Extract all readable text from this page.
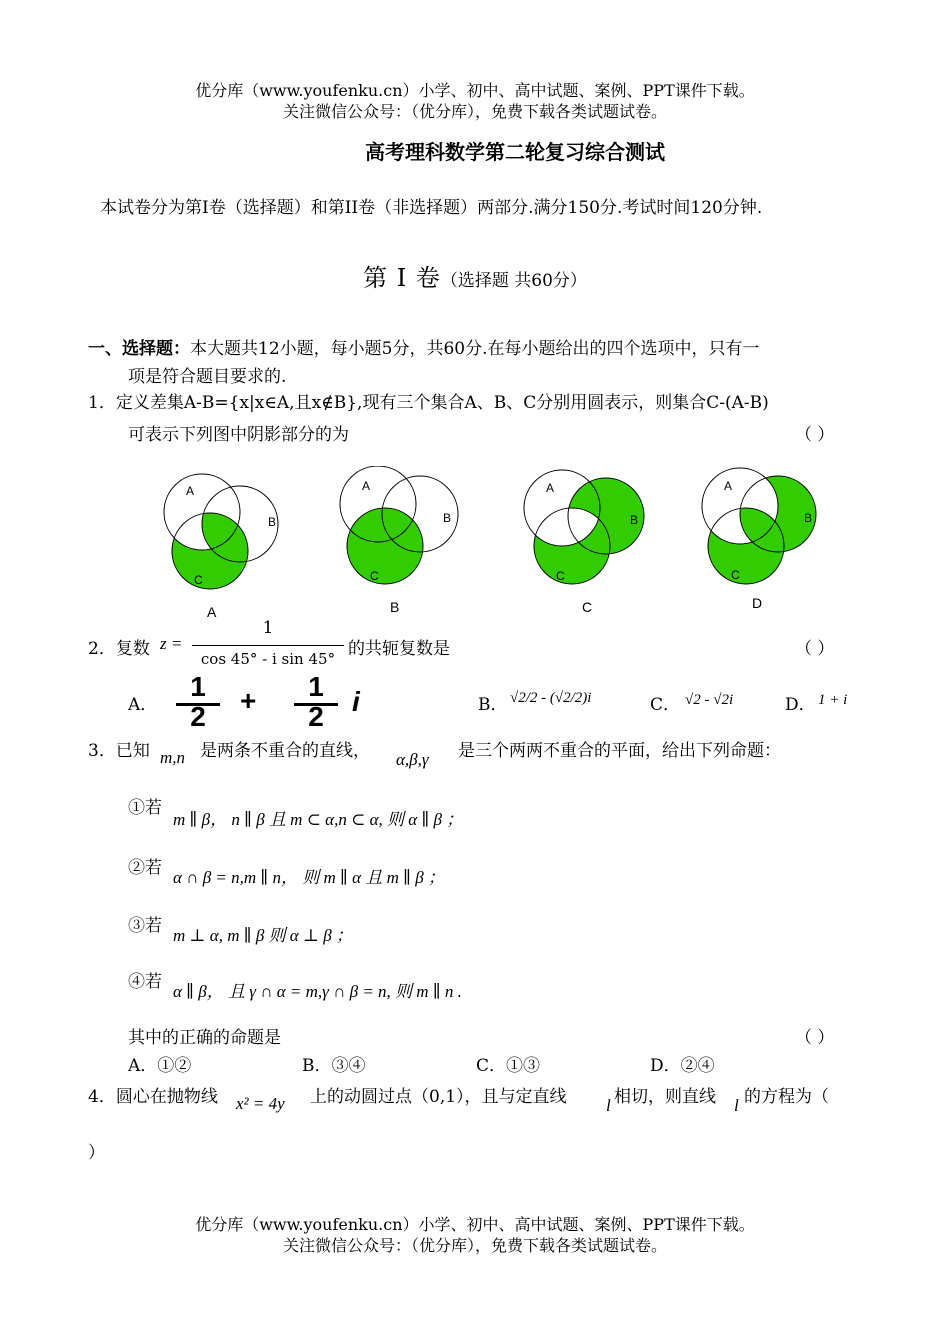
优分库（www.youfenku.cn）小学、初中、高中试题、案例、PPT课件下载。
关注微信公众号：（优分库），免费下载各类试题试卷。
高考理科数学第二轮复习综合测试
本试卷分为第I卷（选择题）和第II卷（非选择题）两部分.满分150分.考试时间120分钟.
第 I 卷（选择题 共60分）
一、选择题：本大题共12小题，每小题5分，共60分.在每小题给出的四个选项中，只有一
项是符合题目要求的.
1．定义差集A-B={x|x∈A,且x∉B},现有三个集合A、B、C分别用圆表示，则集合C-(A-B)
可表示下列图中阴影部分的为	（ ）
A
B
C
A
A
B
C
B
A
B
C
C
A
B
C
D
2．复数 z =
1
cos 45° - i sin 45° 的共轭复数是	（ ）
A．
1
2
+	1
2	i	B． √2/2 - (√2/2)i	C． √2 - √2i	D． 1 + i
3．已知 m,n 是两条不重合的直线， α,β,γ 是三个两两不重合的平面，给出下列命题：
①若
m ∥ β， n ∥ β 且 m ⊂ α,n ⊂ α, 则 α ∥ β ；
②若 α ∩ β = n,m ∥ n， 则 m ∥ α 且 m ∥ β ；
③若 m ⊥ α, m ∥ β 则 α ⊥ β ；
④若 α ∥ β， 且 γ ∩ α = m,γ ∩ β = n, 则 m ∥ n .
其中的正确的命题是	（ ）
A．①②	B．③④	C．①③	D．②④
4．圆心在抛物线 x² = 4y 上的动圆过点（0,1），且与定直线 l 相切，则直线 l 的方程为（
）
优分库（www.youfenku.cn）小学、初中、高中试题、案例、PPT课件下载。
关注微信公众号：（优分库），免费下载各类试题试卷。
